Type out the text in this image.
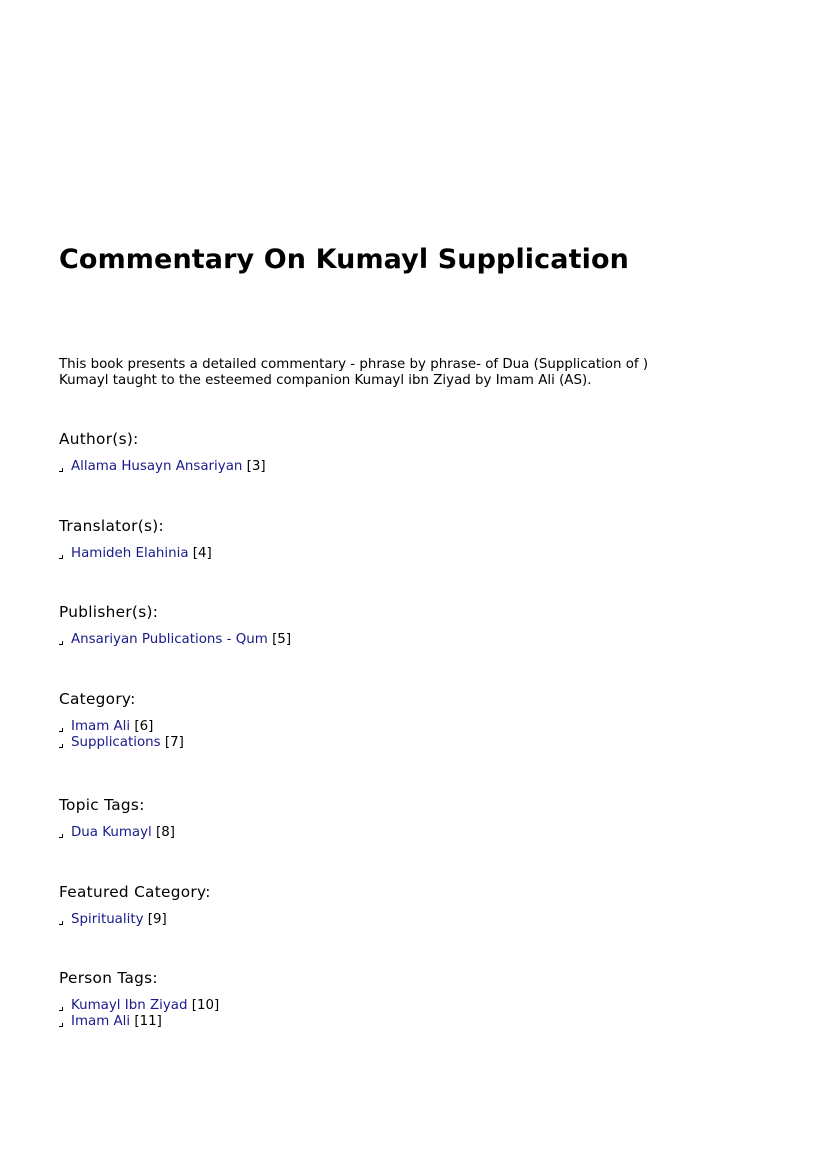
Commentary On Kumayl Supplication

This book presents a detailed commentary - phrase by phrase- of Dua (Supplication of )
Kumayl taught to the esteemed companion Kumayl ibn Ziyad by Imam Ali (AS).

Author(s):
Allama Husayn Ansariyan [3]
Translator(s):
Hamideh Elahinia [4]
Publisher(s):
Ansariyan Publications - Qum [5]
Category:
Imam Ali [6]
Supplications [7]
Topic Tags:
Dua Kumayl [8]
Featured Category:
Spirituality [9]
Person Tags:
Kumayl Ibn Ziyad [10]
Imam Ali [11]
